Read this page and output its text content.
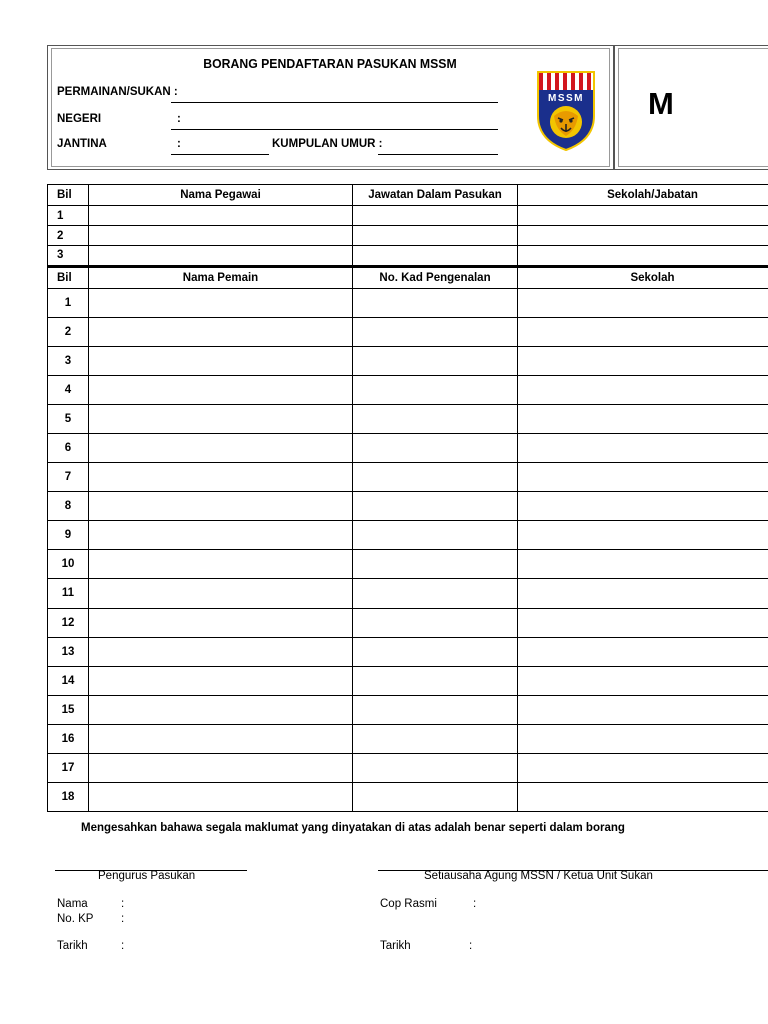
BORANG PENDAFTARAN PASUKAN MSSM
PERMAINAN/SUKAN :
NEGERI	:
JANTINA	:	KUMPULAN UMUR :
MSSM M
Bil	Nama Pegawai	Jawatan Dalam Pasukan	Sekolah/Jabatan
1			
2			
3			
Bil	Nama Pemain	No. Kad Pengenalan	Sekolah
1			
2			
3			
4			
5			
6			
7			
8			
9			
10			
11			
12			
13			
14			
15			
16			
17			
18			
Mengesahkan bahawa segala maklumat yang dinyatakan di atas adalah benar seperti dalam borang
Pengurus Pasukan	Setiausaha Agung MSSN / Ketua Unit Sukan
Nama	:
No. KP :
Tarikh	:
Cop Rasmi	:
Tarikh	:
